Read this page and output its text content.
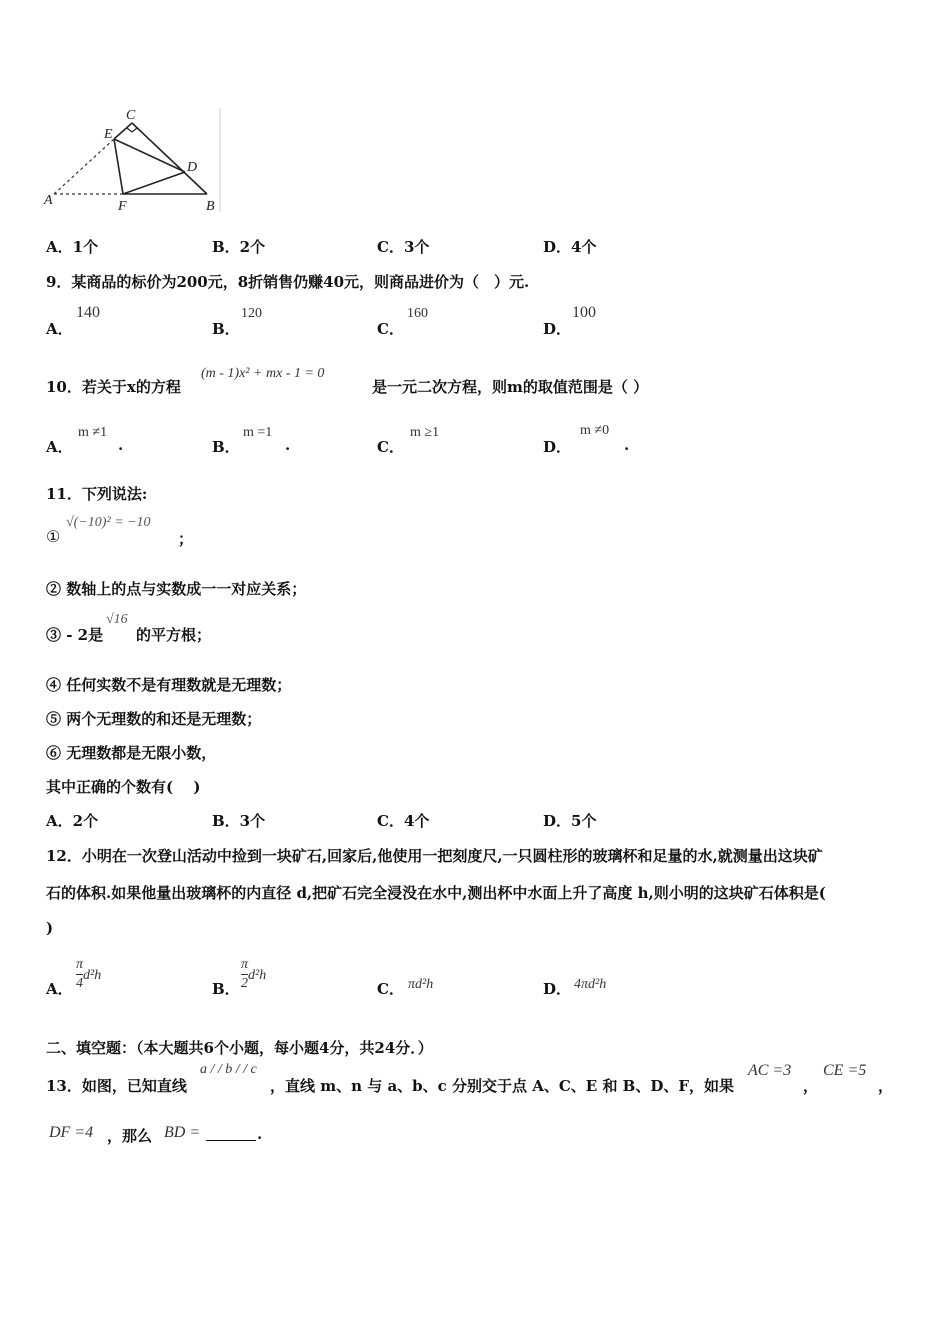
A	F	B
C
E
D
A．1个	B．2个	C．3个	D．4个
9．某商品的标价为200元，8折销售仍赚40元，则商品进价为（　）元.
A．
140
B．
120
C．
160
D．
100
10．若关于x的方程
(m - 1)x² + mx - 1 = 0
是一元二次方程，则m的取值范围是（ ）
A．
m ≠1
.	B．
m =1
.	C．
m ≥1
D．
m ≠0
.
11．下列说法:
①
√(−10)² = −10
；
② 数轴上的点与实数成一一对应关系；
③ - 2是
√16
的平方根；
④ 任何实数不是有理数就是无理数；
⑤ 两个无理数的和还是无理数；
⑥ 无理数都是无限小数，
其中正确的个数有(　 )
A．2个	B．3个	C．4个	D．5个
12．小明在一次登山活动中捡到一块矿石,回家后,他使用一把刻度尺,一只圆柱形的玻璃杯和足量的水,就测量出这块矿
石的体积.如果他量出玻璃杯的内直径 d,把矿石完全浸没在水中,测出杯中水面上升了高度 h,则小明的这块矿石体积是(
)
A． $\frac{\pi}{4} d^2h$
B． $\frac{\pi}{2} d^2h$
C． πd²h	D． 4πd²h
二、填空题：（本大题共6个小题，每小题4分，共24分．）
13．如图，已知直线
a / / b / / c
，直线 m、n 与 a、b、c 分别交于点 A、C、E 和 B、D、F，如果
AC =3
，
CE =5
，
DF =4 ，那么 BD =	.
